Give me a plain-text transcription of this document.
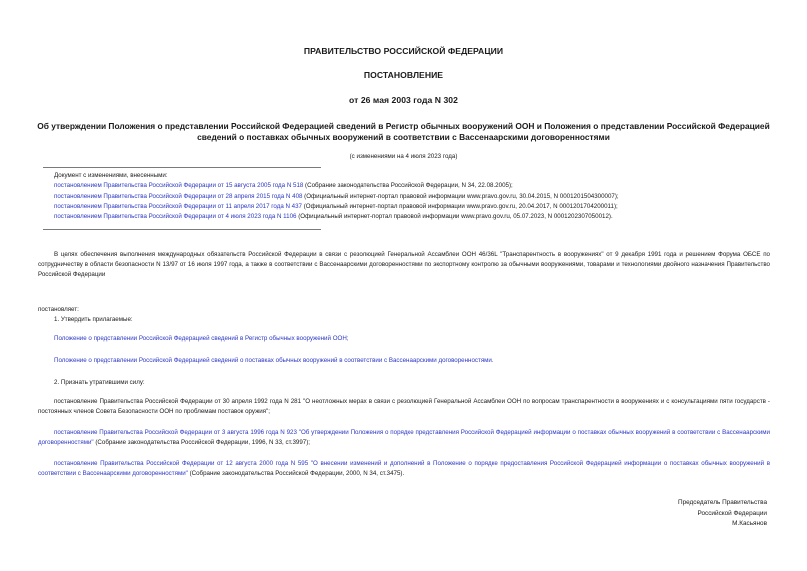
ПРАВИТЕЛЬСТВО РОССИЙСКОЙ ФЕДЕРАЦИИ
ПОСТАНОВЛЕНИЕ
от 26 мая 2003 года N 302
Об утверждении Положения о представлении Российской Федерацией сведений в Регистр обычных вооружений ООН и Положения о представлении Российской Федерацией сведений о поставках обычных вооружений в соответствии с Вассенаарскими договоренностями
(с изменениями на 4 июля 2023 года)
Документ с изменениями, внесенными:
постановлением Правительства Российской Федерации от 15 августа 2005 года N 518 (Собрание законодательства Российской Федерации, N 34, 22.08.2005);
постановлением Правительства Российской Федерации от 28 апреля 2015 года N 408 (Официальный интернет-портал правовой информации www.pravo.gov.ru, 30.04.2015, N 0001201504300007);
постановлением Правительства Российской Федерации от 11 апреля 2017 года N 437 (Официальный интернет-портал правовой информации www.pravo.gov.ru, 20.04.2017, N 0001201704200011);
постановлением Правительства Российской Федерации от 4 июля 2023 года N 1106 (Официальный интернет-портал правовой информации www.pravo.gov.ru, 05.07.2023, N 0001202307050012).
В целях обеспечения выполнения международных обязательств Российской Федерации в связи с резолюцией Генеральной Ассамблеи ООН 46/36L "Транспарентность в вооружениях" от 9 декабря 1991 года и решением Форума ОБСЕ по сотрудничеству в области безопасности N 13/97 от 16 июля 1997 года, а также в соответствии с Вассенаарскими договоренностями по экспортному контролю за обычными вооружениями, товарами и технологиями двойного назначения Правительство Российской Федерации
постановляет:
1. Утвердить прилагаемые:
Положение о представлении Российской Федерацией сведений в Регистр обычных вооружений ООН;
Положение о представлении Российской Федерацией сведений о поставках обычных вооружений в соответствии с Вассенаарскими договоренностями.
2. Признать утратившими силу:
постановление Правительства Российской Федерации от 30 апреля 1992 года N 281 "О неотложных мерах в связи с резолюцией Генеральной Ассамблеи ООН по вопросам транспарентности в вооружениях и с консультациями пяти государств - постоянных членов Совета Безопасности ООН по проблемам поставок оружия";
постановление Правительства Российской Федерации от 3 августа 1996 года N 923 "Об утверждении Положения о порядке представления Российской Федерацией информации о поставках обычных вооружений в соответствии с Вассенаарскими договоренностями" (Собрание законодательства Российской Федерации, 1996, N 33, ст.3997);
постановление Правительства Российской Федерации от 12 августа 2000 года N 595 "О внесении изменений и дополнений в Положение о порядке предоставления Российской Федерацией информации о поставках обычных вооружений в соответствии с Вассенаарскими договоренностями" (Собрание законодательства Российской Федерации, 2000, N 34, ст.3475).
Председатель Правительства
Российской Федерации
М.Касьянов
